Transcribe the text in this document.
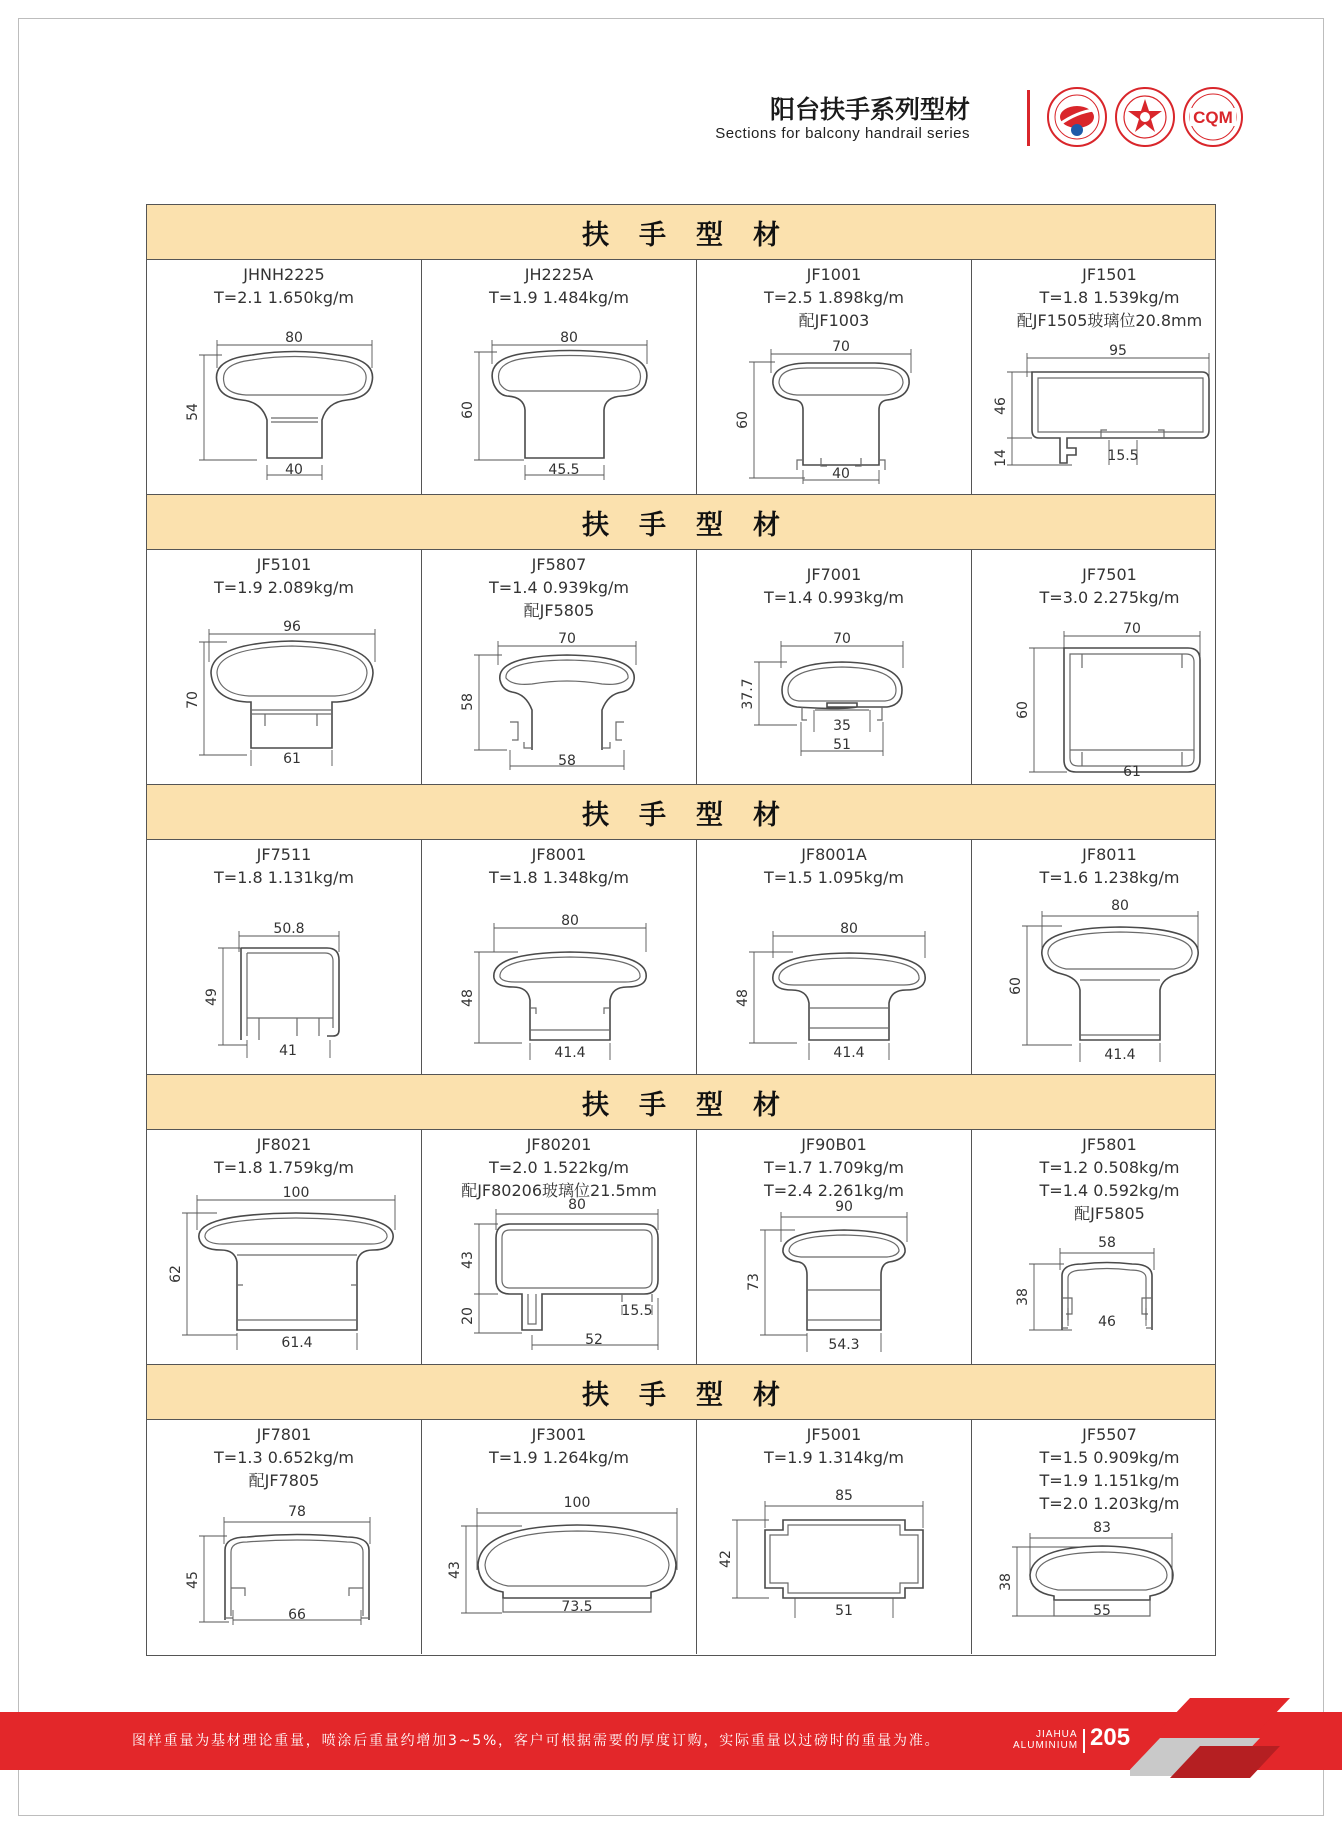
阳台扶手系列型材
Sections for balcony handrail series
CQM
扶手型材
JHNH2225
T=2.1 1.650kg/m
80
54
40
JH2225A
T=1.9 1.484kg/m
80
60
45.5
JF1001
T=2.5 1.898kg/m
配JF1003
70
60
40
JF1501
T=1.8 1.539kg/m
配JF1505玻璃位20.8mm
95
46
14	15.5
扶手型材
JF5101
T=1.9 2.089kg/m
96
70
61
JF5807
T=1.4 0.939kg/m
配JF5805
70
58
58
JF7001
T=1.4 0.993kg/m
70
37.7
35
51
JF7501
T=3.0 2.275kg/m
70
60
61
扶手型材
JF7511
T=1.8 1.131kg/m
50.8
49
41
JF8001
T=1.8 1.348kg/m
80
48
41.4
JF8001A
T=1.5 1.095kg/m
80
48
41.4
JF8011
T=1.6 1.238kg/m
80
60
41.4
扶手型材
JF8021
T=1.8 1.759kg/m
100
62
61.4
JF80201
T=2.0 1.522kg/m
配JF80206玻璃位21.5mm
80
43
20	15.5
52
JF90B01
T=1.7 1.709kg/m
T=2.4 2.261kg/m
90
73
54.3
JF5801
T=1.2 0.508kg/m
T=1.4 0.592kg/m
配JF5805
58
38
46
扶手型材
JF7801
T=1.3 0.652kg/m
配JF7805
78
45
66
JF3001
T=1.9 1.264kg/m
100
43
73.5
JF5001
T=1.9 1.314kg/m
85
42
51
JF5507
T=1.5 0.909kg/m
T=1.9 1.151kg/m
T=2.0 1.203kg/m
83
38
55
图样重量为基材理论重量，喷涂后重量约增加3~5%，客户可根据需要的厚度订购，实际重量以过磅时的重量为准。	JIAHUA
ALUMINIUM 205
